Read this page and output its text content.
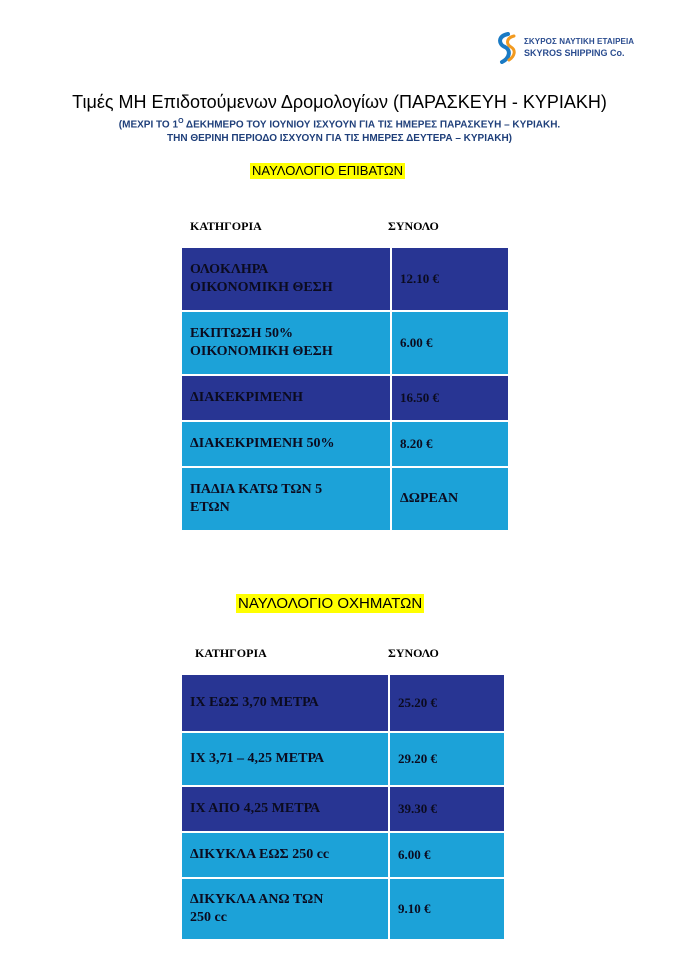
ΣΚΥΡΟΣ ΝΑΥΤΙΚΗ ΕΤΑΙΡΕΙΑ
SKYROS SHIPPING Co.
Τιμές ΜΗ Επιδοτούμενων Δρομολογίων (ΠΑΡΑΣΚΕΥΗ - ΚΥΡΙΑΚΗ)
(ΜΕΧΡΙ ΤΟ $1^O$ ΔΕΚΗΜΕΡΟ ΤΟΥ ΙΟΥΝΙΟΥ ΙΣΧΥΟΥΝ ΓΙΑ ΤΙΣ ΗΜΕΡΕΣ ΠΑΡΑΣΚΕΥΗ – ΚΥΡΙΑΚΗ.
ΤΗΝ ΘΕΡΙΝΗ ΠΕΡΙΟΔΟ ΙΣΧΥΟΥΝ ΓΙΑ ΤΙΣ ΗΜΕΡΕΣ ΔΕΥΤΕΡΑ – ΚΥΡΙΑΚΗ)
ΝΑΥΛΟΛΟΓΙΟ ΕΠΙΒΑΤΩΝ
ΚΑΤΗΓΟΡΙΑ	ΣΥΝΟΛΟ
ΟΛΟΚΛΗΡΑ
ΟΙΚΟΝΟΜΙΚΗ ΘΕΣΗ	12.10 €
ΕΚΠΤΩΣΗ 50%
ΟΙΚΟΝΟΜΙΚΗ ΘΕΣΗ	6.00 €
ΔΙΑΚΕΚΡΙΜΕΝΗ	16.50 €
ΔΙΑΚΕΚΡΙΜΕΝΗ 50%	8.20 €
ΠΑΔΙΑ ΚΑΤΩ ΤΩΝ 5
ΕΤΩΝ	ΔΩΡΕΑΝ
ΝΑΥΛΟΛΟΓΙΟ ΟΧΗΜΑΤΩΝ
ΚΑΤΗΓΟΡΙΑ	ΣΥΝΟΛΟ
ΙΧ ΕΩΣ 3,70 ΜΕΤΡΑ	25.20 €
ΙΧ 3,71 – 4,25 ΜΕΤΡΑ	29.20 €
ΙΧ ΑΠΟ 4,25 ΜΕΤΡΑ	39.30 €
ΔΙΚΥΚΛΑ ΕΩΣ 250 cc	6.00 €
ΔΙΚΥΚΛΑ ΑΝΩ ΤΩΝ
250 cc	9.10 €
